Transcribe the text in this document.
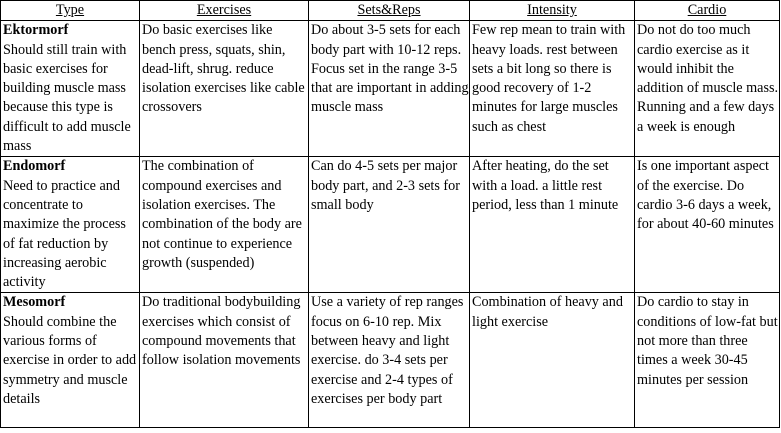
Type	Exercises	Sets&Reps	Intensity	Cardio

Ektormorf
Should still train with basic exercises for building muscle mass because this type is difficult to add muscle mass	Do basic exercises like bench press, squats, shin, dead-lift, shrug. reduce isolation exercises like cable crossovers	Do about 3-5 sets for each body part with 10-12 reps. Focus set in the range 3-5 that are important in adding muscle mass	Few rep mean to train with heavy loads. rest between sets a bit long so there is good recovery of 1-2 minutes for large muscles such as chest	Do not do too much cardio exercise as it would inhibit the addition of muscle mass. Running and a few days a week is enough

Endomorf
Need to practice and concentrate to maximize the process of fat reduction by increasing aerobic activity	The combination of compound exercises and isolation exercises. The combination of the body are not continue to experience growth (suspended)	Can do 4-5 sets per major body part, and 2-3 sets for small body	After heating, do the set with a load. a little rest period, less than 1 minute	Is one important aspect of the exercise. Do cardio 3-6 days a week, for about 40-60 minutes

Mesomorf
Should combine the various forms of exercise in order to add symmetry and muscle details	Do traditional bodybuilding exercises which consist of compound movements that follow isolation movements	Use a variety of rep ranges focus on 6-10 rep. Mix between heavy and light exercise. do 3-4 sets per exercise and 2-4 types of exercises per body part	Combination of heavy and light exercise	Do cardio to stay in conditions of low-fat but not more than three times a week 30-45 minutes per session
